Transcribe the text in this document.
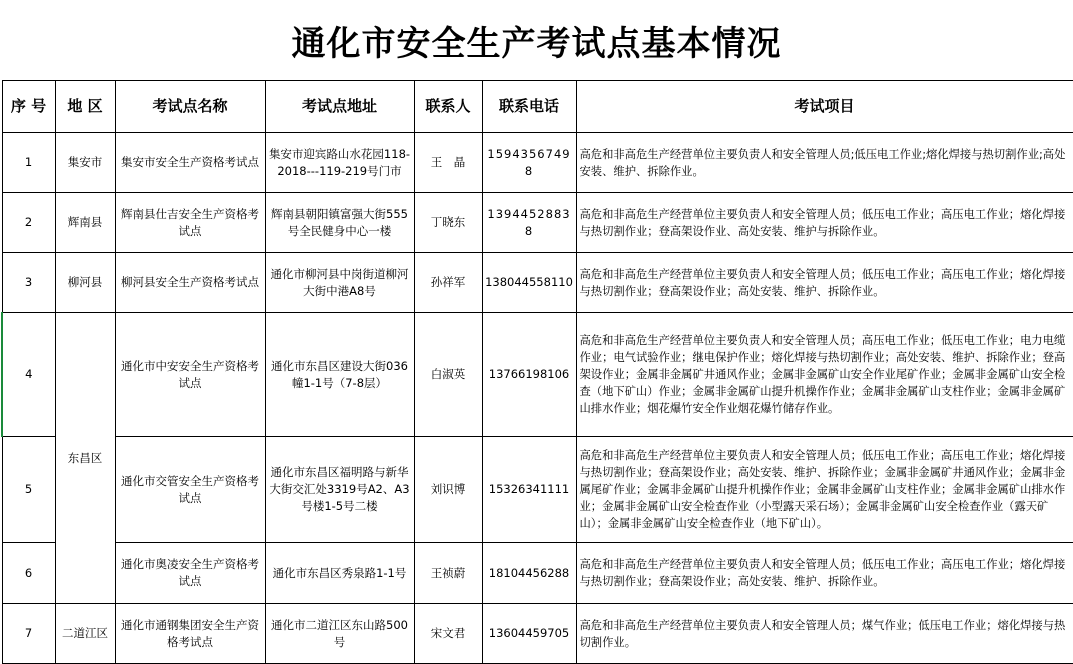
通化市安全生产考试点基本情况
序 号	地 区	考试点名称	考试点地址	联系人	联系电话	考试项目
1	集安市	集安市安全生产资格考试点	集安市迎宾路山水花园118-2018---119-219号门市	王　晶	15943567498	高危和非高危生产经营单位主要负责人和安全管理人员;低压电工作业;熔化焊接与热切割作业;高处安装、维护、拆除作业。
2	辉南县	辉南县仕吉安全生产资格考试点	辉南县朝阳镇富强大街555号全民健身中心一楼	丁晓东	13944528838	高危和非高危生产经营单位主要负责人和安全管理人员；低压电工作业；高压电工作业；熔化焊接与热切割作业；登高架设作业、高处安装、维护与拆除作业。
3	柳河县	柳河县安全生产资格考试点	通化市柳河县中岗街道柳河大街中港A8号	孙祥军	138044558110	高危和非高危生产经营单位主要负责人和安全管理人员；低压电工作业；高压电工作业；熔化焊接与热切割作业；登高架设作业；高处安装、维护、拆除作业。
4	东昌区	通化市中安安全生产资格考试点	通化市东昌区建设大街036幢1-1号（7-8层）	白淑英	13766198106	高危和非高危生产经营单位主要负责人和安全管理人员；高压电工作业；低压电工作业；电力电缆作业；电气试验作业；继电保护作业；熔化焊接与热切割作业；高处安装、维护、拆除作业；登高架设作业；金属非金属矿井通风作业；金属非金属矿山安全作业尾矿作业；金属非金属矿山安全检查（地下矿山）作业；金属非金属矿山提升机操作作业；金属非金属矿山支柱作业；金属非金属矿山排水作业；烟花爆竹安全作业烟花爆竹储存作业。
5		通化市交管安全生产资格考试点	通化市东昌区福明路与新华大街交汇处3319号A2、A3号楼1-5号二楼	刘识博	15326341111	高危和非高危生产经营单位主要负责人和安全管理人员；低压电工作业；高压电工作业；熔化焊接与热切割作业；登高架设作业；高处安装、维护、拆除作业；金属非金属矿井通风作业；金属非金属尾矿作业；金属非金属矿山提升机操作作业；金属非金属矿山支柱作业；金属非金属矿山排水作业；金属非金属矿山安全检查作业（小型露天采石场）；金属非金属矿山安全检查作业（露天矿山）；金属非金属矿山安全检查作业（地下矿山）。
6		通化市奥凌安全生产资格考试点	通化市东昌区秀泉路1-1号	王祯蔚	18104456288	高危和非高危生产经营单位主要负责人和安全管理人员；低压电工作业；高压电工作业；熔化焊接与热切割作业；登高架设作业；高处安装、维护、拆除作业。
7	二道江区	通化市通钢集团安全生产资格考试点	通化市二道江区东山路500号	宋文君	13604459705	高危和非高危生产经营单位主要负责人和安全管理人员；煤气作业；低压电工作业；熔化焊接与热切割作业。
